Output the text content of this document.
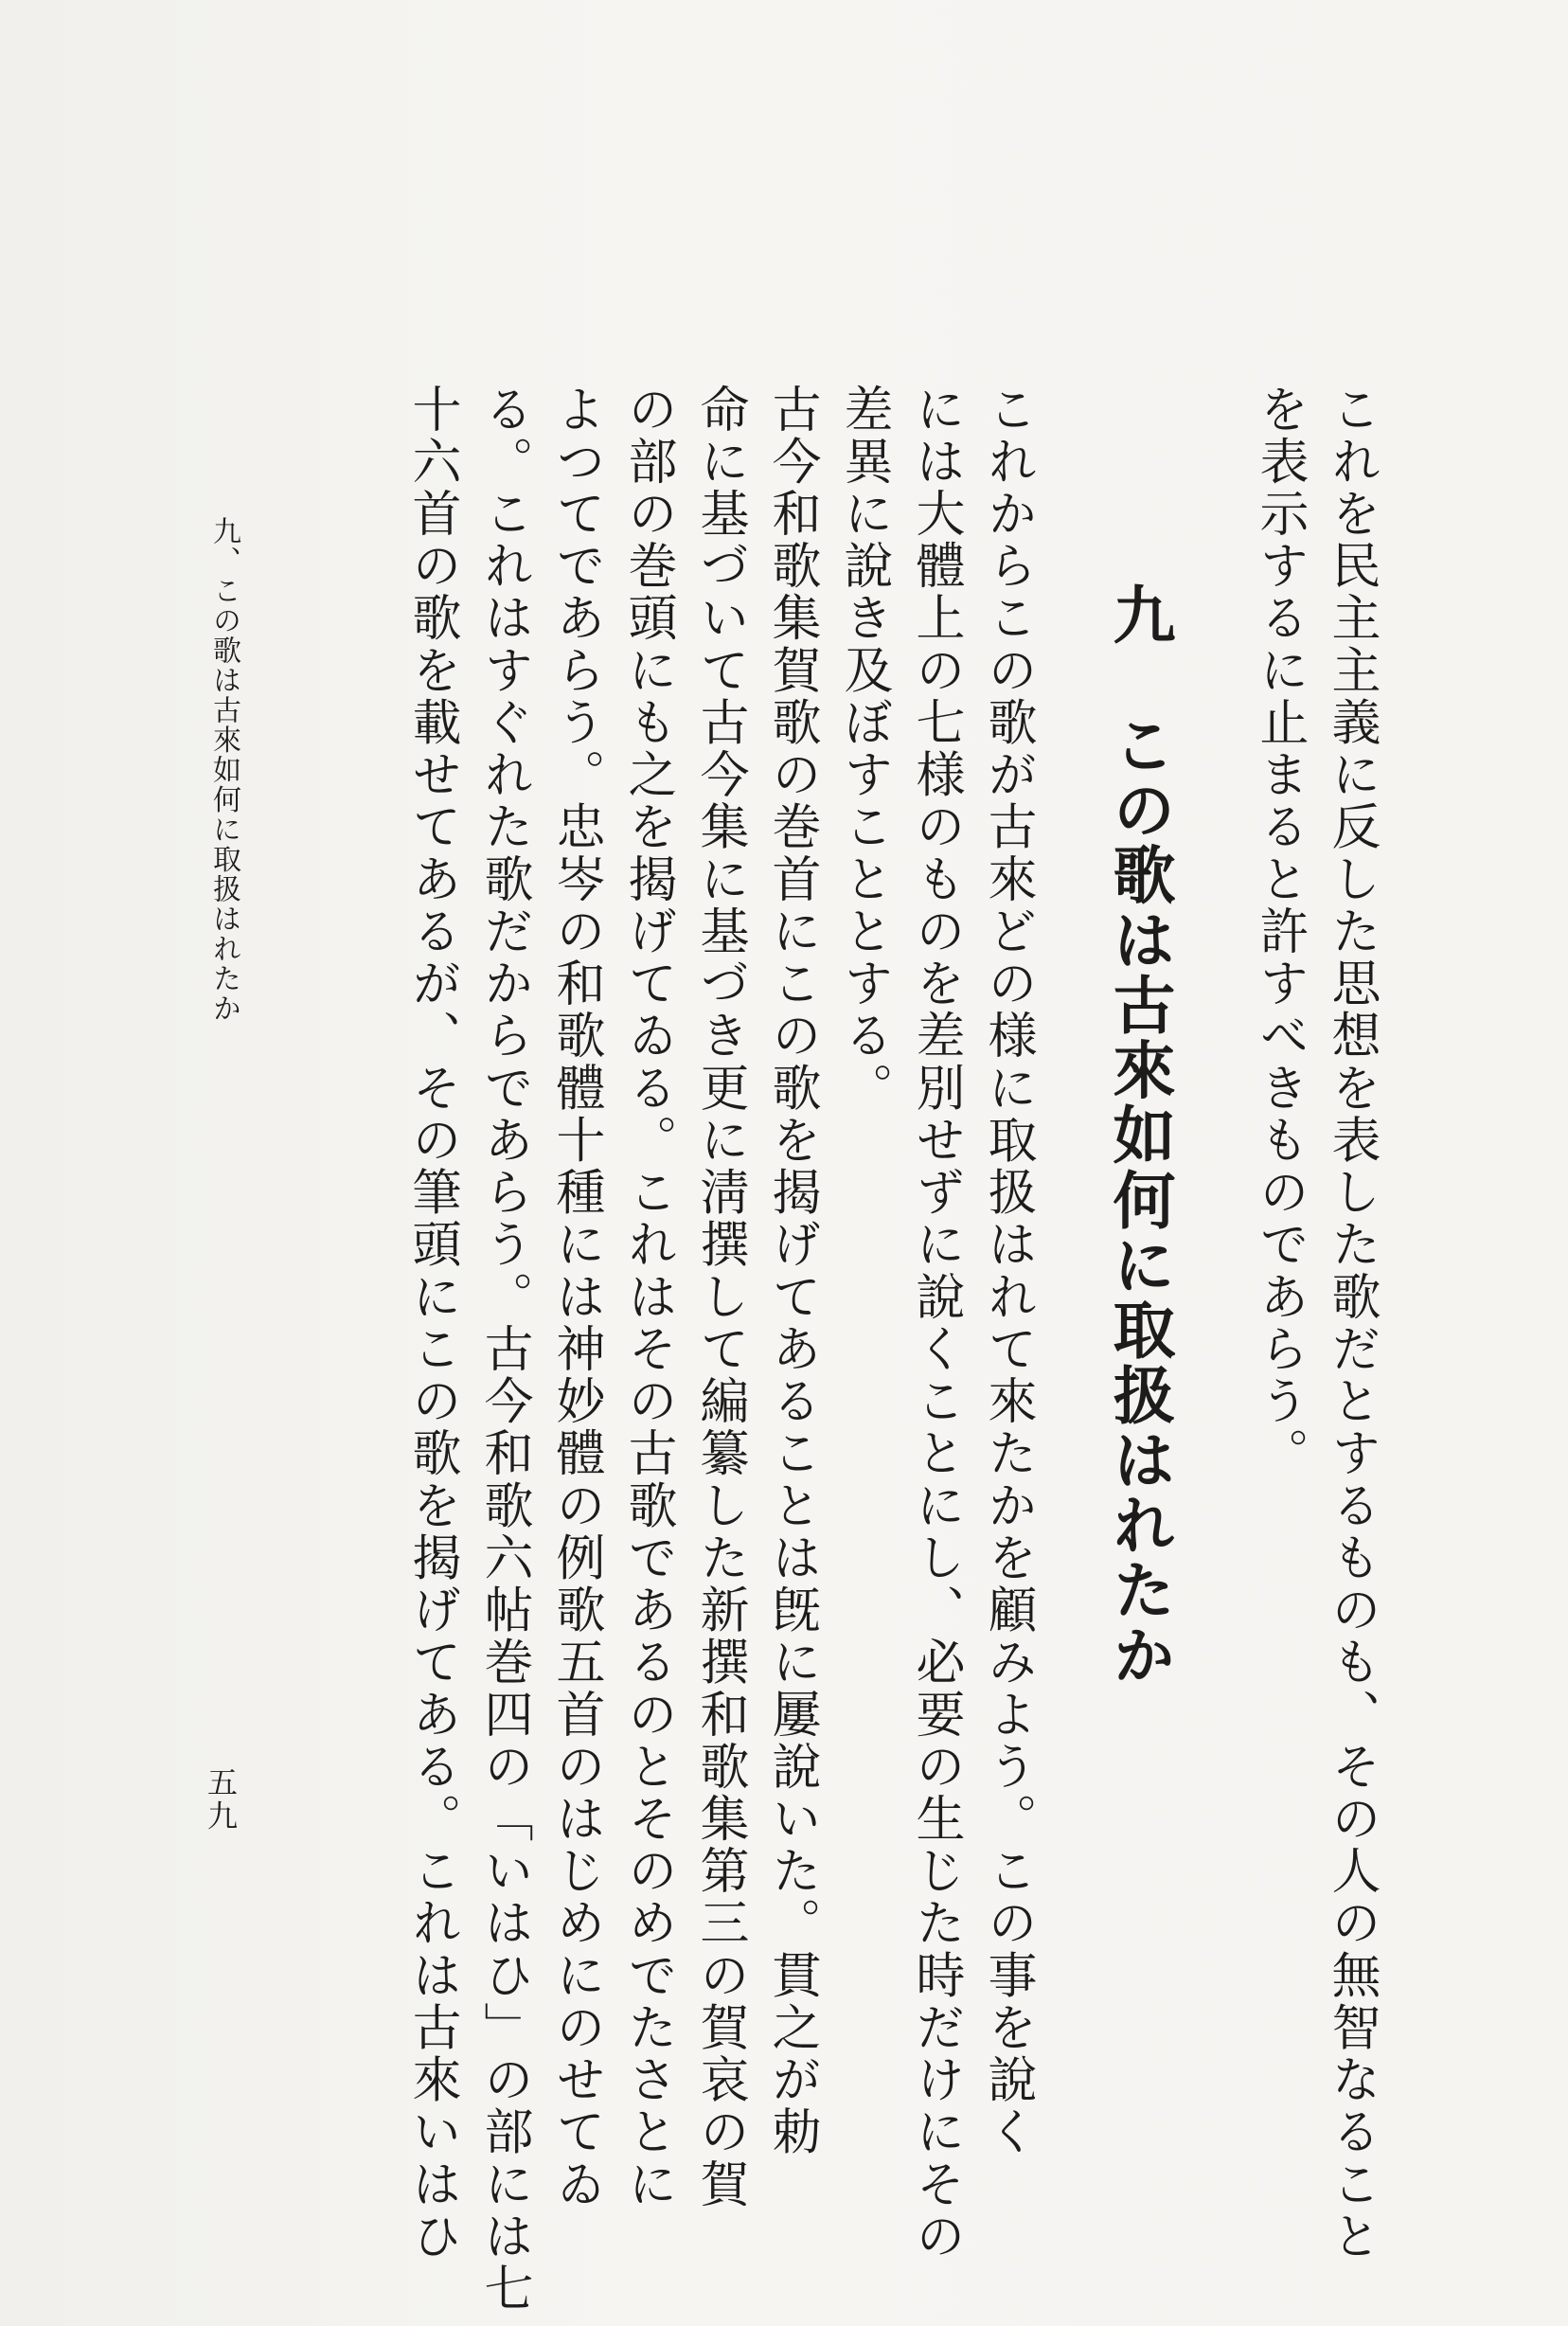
これを民主主義に反した思想を表した歌だとするものも、その人の無智なること
を表示するに止まると許すべきものであらう。
九　この歌は古來如何に取扱はれたか
これからこの歌が古來どの様に取扱はれて來たかを顧みよう。この事を說く
には大體上の七様のものを差別せずに說くことにし、必要の生じた時だけにその
差異に說き及ぼすこととする。
古今和歌集賀歌の巻首にこの歌を揭げてあることは旣に屢說いた。貫之が勅
命に基づいて古今集に基づき更に淸撰して編纂した新撰和歌集第三の賀哀の賀
の部の巻頭にも之を揭げてゐる。これはその古歌であるのとそのめでたさとに
よつてであらう。忠岑の和歌體十種には神妙體の例歌五首のはじめにのせてゐ
る。これはすぐれた歌だからであらう。古今和歌六帖巻四の「いはひ」の部には七
十六首の歌を載せてあるが、その筆頭にこの歌を揭げてある。これは古來いはひ
九、この歌は古來如何に取扱はれたか
五九
